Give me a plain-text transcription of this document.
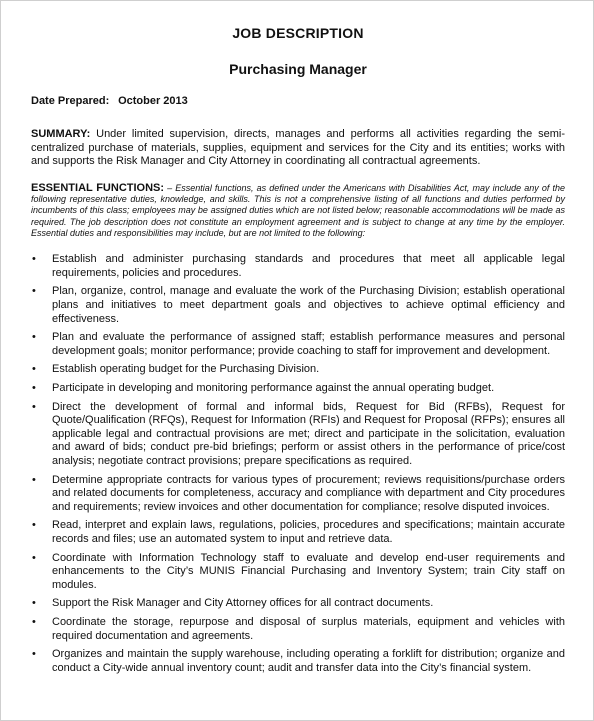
JOB DESCRIPTION
Purchasing Manager
Date Prepared: October 2013
SUMMARY: Under limited supervision, directs, manages and performs all activities regarding the semi-centralized purchase of materials, supplies, equipment and services for the City and its entities; works with and supports the Risk Manager and City Attorney in coordinating all contractual agreements.
ESSENTIAL FUNCTIONS: – Essential functions, as defined under the Americans with Disabilities Act, may include any of the following representative duties, knowledge, and skills. This is not a comprehensive listing of all functions and duties performed by incumbents of this class; employees may be assigned duties which are not listed below; reasonable accommodations will be made as required. The job description does not constitute an employment agreement and is subject to change at any time by the employer. Essential duties and responsibilities may include, but are not limited to the following:
• Establish and administer purchasing standards and procedures that meet all applicable legal requirements, policies and procedures.
• Plan, organize, control, manage and evaluate the work of the Purchasing Division; establish operational plans and initiatives to meet department goals and objectives to achieve optimal efficiency and effectiveness.
• Plan and evaluate the performance of assigned staff; establish performance measures and personal development goals; monitor performance; provide coaching to staff for improvement and development.
• Establish operating budget for the Purchasing Division.
• Participate in developing and monitoring performance against the annual operating budget.
• Direct the development of formal and informal bids, Request for Bid (RFBs), Request for Quote/Qualification (RFQs), Request for Information (RFIs) and Request for Proposal (RFPs); ensures all applicable legal and contractual provisions are met; direct and participate in the solicitation, evaluation and award of bids; conduct pre-bid briefings; perform or assist others in the performance of price/cost analysis; negotiate contract provisions; prepare specifications as required.
• Determine appropriate contracts for various types of procurement; reviews requisitions/purchase orders and related documents for completeness, accuracy and compliance with department and City procedures and requirements; review invoices and other documentation for compliance; resolve disputed invoices.
• Read, interpret and explain laws, regulations, policies, procedures and specifications; maintain accurate records and files; use an automated system to input and retrieve data.
• Coordinate with Information Technology staff to evaluate and develop end-user requirements and enhancements to the City’s MUNIS Financial Purchasing and Inventory System; train City staff on modules.
• Support the Risk Manager and City Attorney offices for all contract documents.
• Coordinate the storage, repurpose and disposal of surplus materials, equipment and vehicles with required documentation and agreements.
• Organizes and maintain the supply warehouse, including operating a forklift for distribution; organize and conduct a City-wide annual inventory count; audit and transfer data into the City’s financial system.
